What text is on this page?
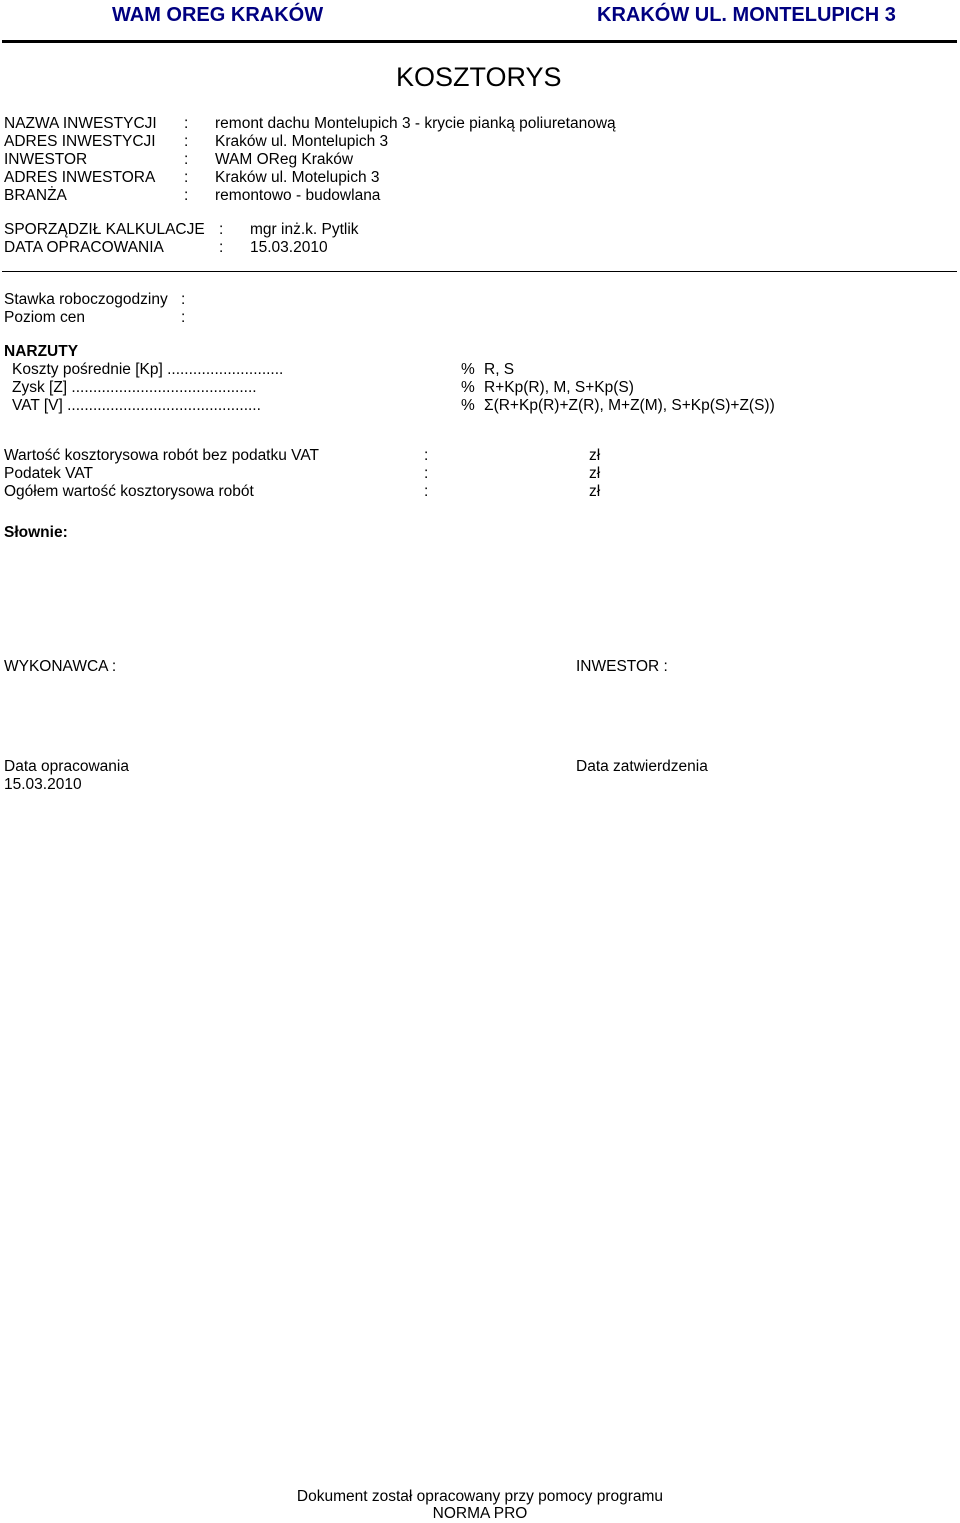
WAM OREG KRAKÓW	KRAKÓW UL. MONTELUPICH 3
KOSZTORYS
NAZWA INWESTYCJI : remont dachu Montelupich 3 - krycie pianką poliuretanową
ADRES INWESTYCJI : Kraków ul. Montelupich 3
INWESTOR	: WAM OReg Kraków
ADRES INWESTORA : Kraków ul. Motelupich 3
BRANŻA	: remontowo - budowlana
SPORZĄDZIŁ KALKULACJE : mgr inż.k. Pytlik
DATA OPRACOWANIA	: 15.03.2010
Stawka roboczogodziny :
Poziom cen	:
NARZUTY
Koszty pośrednie [Kp] ...........................	% R, S
Zysk [Z] ...........................................	% R+Kp(R), M, S+Kp(S)
VAT [V] .............................................	% Σ(R+Kp(R)+Z(R), M+Z(M), S+Kp(S)+Z(S))
Wartość kosztorysowa robót bez podatku VAT	:	zł
Podatek VAT	:	zł
Ogółem wartość kosztorysowa robót	:	zł
Słownie:
WYKONAWCA :	INWESTOR :
Data opracowania
15.03.2010
Data zatwierdzenia
Dokument został opracowany przy pomocy programu
NORMA PRO
